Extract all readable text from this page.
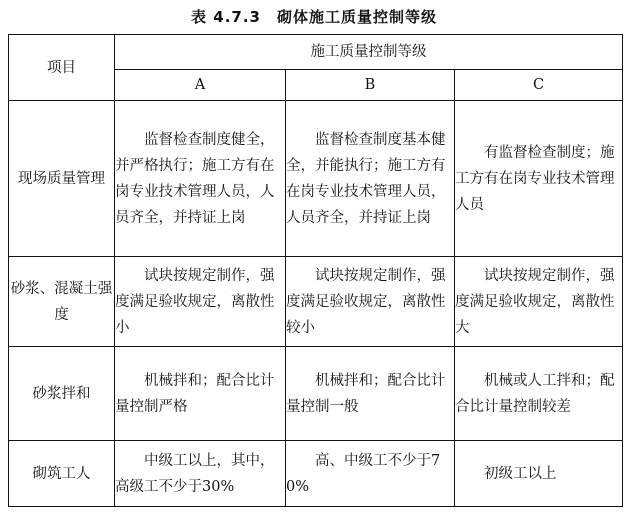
表 4.7.3　砌体施工质量控制等级
项目	施工质量控制等级		
	A	B	C
现场质量管理	监督检查制度健全，并严格执行；施工方有在岗专业技术管理人员，人员齐全，并持证上岗	监督检查制度基本健全，并能执行；施工方有在岗专业技术管理人员，人员齐全，并持证上岗	有监督检查制度；施工方有在岗专业技术管理人员

砂浆、混凝土强度	试块按规定制作，强度满足验收规定，离散性小	试块按规定制作，强度满足验收规定，离散性较小	试块按规定制作，强度满足验收规定，离散性大

砂浆拌和	机械拌和；配合比计量控制严格	机械拌和；配合比计量控制一般	机械或人工拌和；配合比计量控制较差

砌筑工人	中级工以上，其中，高级工不少于30%	高、中级工不少于70%	初级工以上
